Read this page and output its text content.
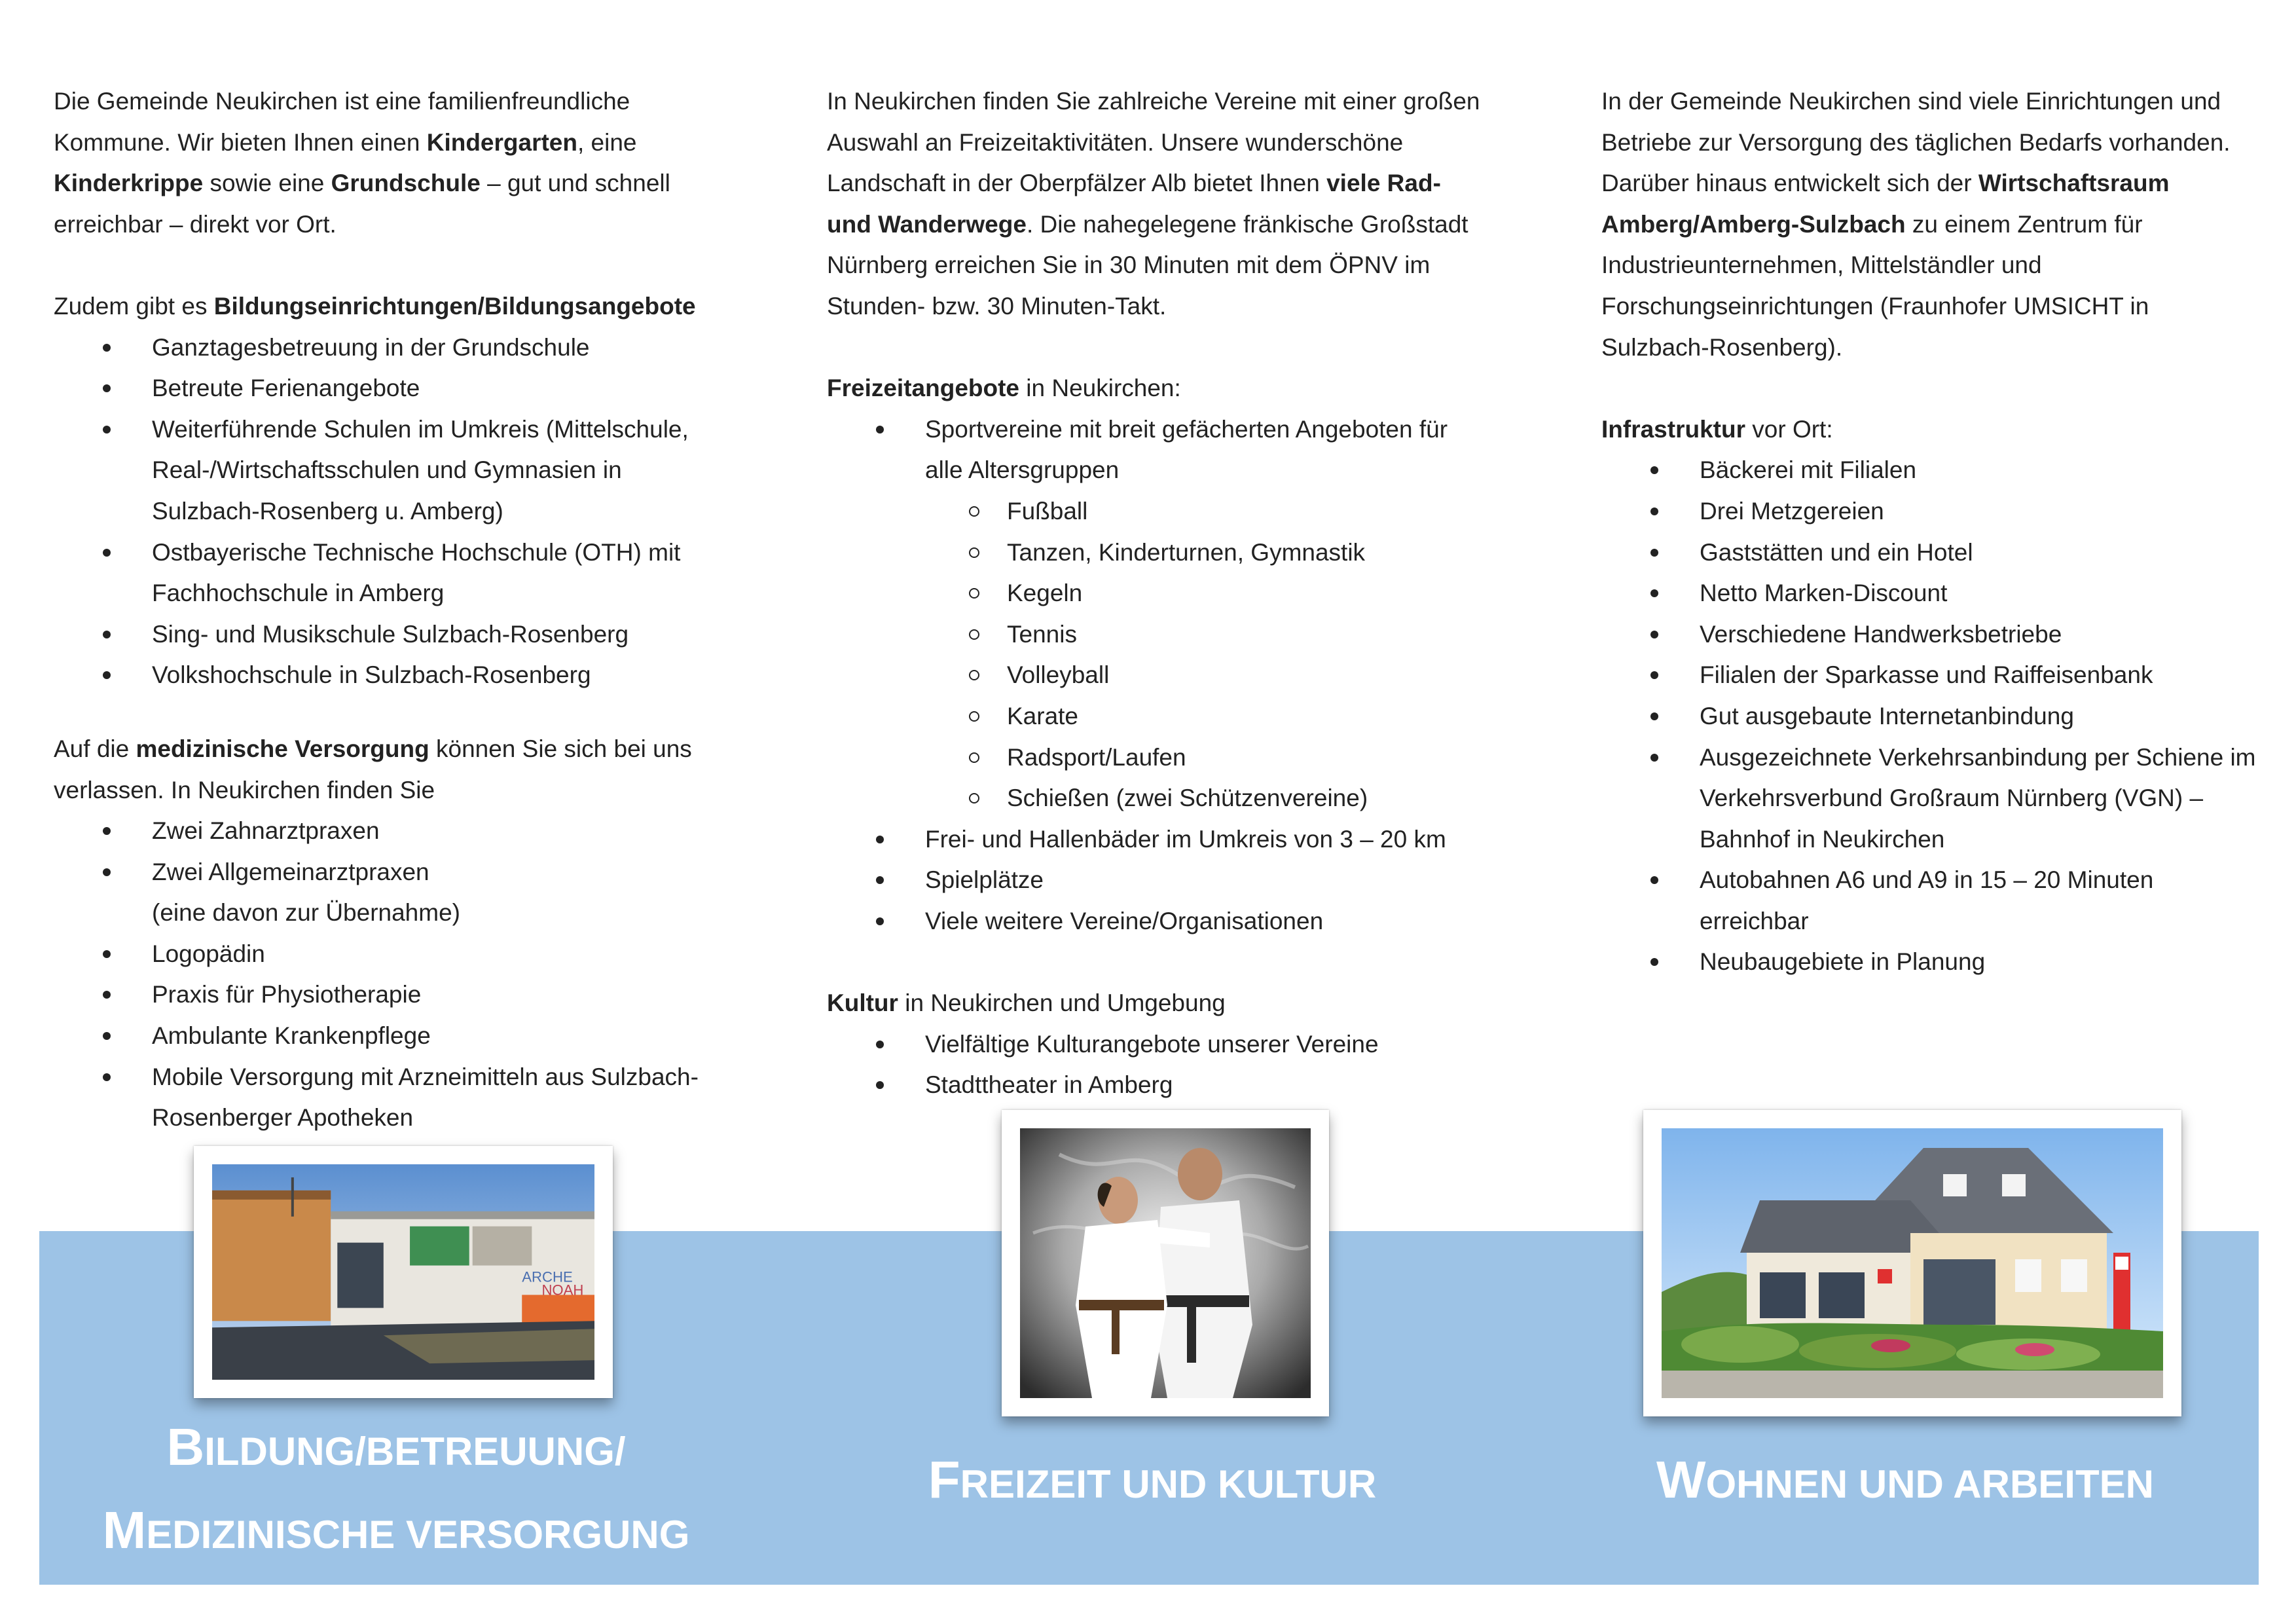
Die Gemeinde Neukirchen ist eine familienfreundliche Kommune. Wir bieten Ihnen einen Kindergarten, eine Kinderkrippe sowie eine Grundschule – gut und schnell erreichbar – direkt vor Ort.

Zudem gibt es Bildungseinrichtungen/Bildungsangebote

Ganztagesbetreuung in der Grundschule
Betreute Ferienangebote
Weiterführende Schulen im Umkreis (Mittelschule, Real-/Wirtschaftsschulen und Gymnasien in Sulzbach-Rosenberg u. Amberg)
Ostbayerische Technische Hochschule (OTH) mit Fachhochschule in Amberg
Sing- und Musikschule Sulzbach-Rosenberg
Volkshochschule in Sulzbach-Rosenberg

Auf die medizinische Versorgung können Sie sich bei uns verlassen. In Neukirchen finden Sie

Zwei Zahnarztpraxen
Zwei Allgemeinarztpraxen
(eine davon zur Übernahme)
Logopädin
Praxis für Physiotherapie
Ambulante Krankenpflege
Mobile Versorgung mit Arzneimitteln aus Sulzbach-Rosenberger Apotheken

In Neukirchen finden Sie zahlreiche Vereine mit einer großen Auswahl an Freizeitaktivitäten. Unsere wunderschöne Landschaft in der Oberpfälzer Alb bietet Ihnen viele Rad- und Wanderwege. Die nahegelegene fränkische Großstadt Nürnberg erreichen Sie in 30 Minuten mit dem ÖPNV im Stunden- bzw. 30 Minuten-Takt.

Freizeitangebote in Neukirchen:

Sportvereine mit breit gefächerten Angeboten für alle Altersgruppen
Fußball
Tanzen, Kinderturnen, Gymnastik
Kegeln
Tennis
Volleyball
Karate
Radsport/Laufen
Schießen (zwei Schützenvereine)
Frei- und Hallenbäder im Umkreis von 3 – 20 km
Spielplätze
Viele weitere Vereine/Organisationen

Kultur in Neukirchen und Umgebung

Vielfältige Kulturangebote unserer Vereine
Stadttheater in Amberg

In der Gemeinde Neukirchen sind viele Einrichtungen und Betriebe zur Versorgung des täglichen Bedarfs vorhanden. Darüber hinaus entwickelt sich der Wirtschaftsraum Amberg/Amberg-Sulzbach zu einem Zentrum für Industrieunternehmen, Mittelständler und Forschungseinrichtungen (Fraunhofer UMSICHT in Sulzbach-Rosenberg).

Infrastruktur vor Ort:

Bäckerei mit Filialen
Drei Metzgereien
Gaststätten und ein Hotel
Netto Marken-Discount
Verschiedene Handwerksbetriebe
Filialen der Sparkasse und Raiffeisenbank
Gut ausgebaute Internetanbindung
Ausgezeichnete Verkehrsanbindung per Schiene im Verkehrsverbund Großraum Nürnberg (VGN) – Bahnhof in Neukirchen
Autobahnen A6 und A9 in 15 – 20 Minuten erreichbar
Neubaugebiete in Planung
ARCHE
NOAH
BILDUNG/BETREUUNG/
MEDIZINISCHE VERSORGUNG
FREIZEIT UND KULTUR	WOHNEN UND ARBEITEN
